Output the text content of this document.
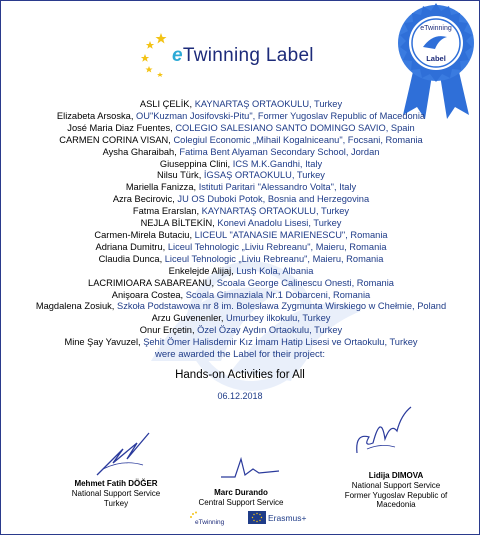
eTwinning Label
eTwinning
Label
ASLI ÇELİK, KAYNARTAŞ ORTAOKULU, Turkey
Elizabeta Arsoska, OU"Kuzman Josifovski-Pitu", Former Yugoslav Republic of Macedonia
José Maria Diaz Fuentes, COLEGIO SALESIANO SANTO DOMINGO SAVIO, Spain
CARMEN CORINA VISAN, Colegiul Economic „Mihail Kogalniceanu", Focsani, Romania
Aysha Gharaibah, Fatima Bent Alyaman Secondary School, Jordan
Giuseppina Clini, ICS M.K.Gandhi, Italy
Nilsu Türk, İGSAŞ ORTAOKULU, Turkey
Mariella Fanizza, Istituti Paritari "Alessandro Volta", Italy
Azra Becirovic, JU OS Duboki Potok, Bosnia and Herzegovina
Fatma Erarslan, KAYNARTAŞ ORTAOKULU, Turkey
NEJLA BİLTEKİN, Konevi Anadolu Lisesi, Turkey
Carmen-Mirela Butaciu, LICEUL "ATANASIE MARIENESCU", Romania
Adriana Dumitru, Liceul Tehnologic „Liviu Rebreanu", Maieru, Romania
Claudia Dunca, Liceul Tehnologic „Liviu Rebreanu", Maieru, Romania
Enkelejde Alijaj, Lush Kola, Albania
LACRIMIOARA SABAREANU, Scoala George Calinescu Onesti, Romania
Anişoara Costea, Scoala Gimnaziala Nr.1 Dobarceni, Romania
Magdalena Zosiuk, Szkoła Podstawowa nr 8 im. Bolesława Zygmunta Wirskiego w Chełmie, Poland
Arzu Guvenenler, Umurbey ilkokulu, Turkey
Onur Erçetin, Özel Özay Aydın Ortaokulu, Turkey
Mine Şay Yavuzel, Şehit Ömer Halisdemir Kız İmam Hatip Lisesi ve Ortaokulu, Turkey
were awarded the Label for their project:
Hands-on Activities for All
06.12.2018
Mehmet Fatih DÖĞER
National Support Service
Turkey
Marc Durando
Central Support Service
Lidija DIMOVA
National Support Service
Former Yugoslav Republic of
Macedonia
eTwinning	Erasmus+
